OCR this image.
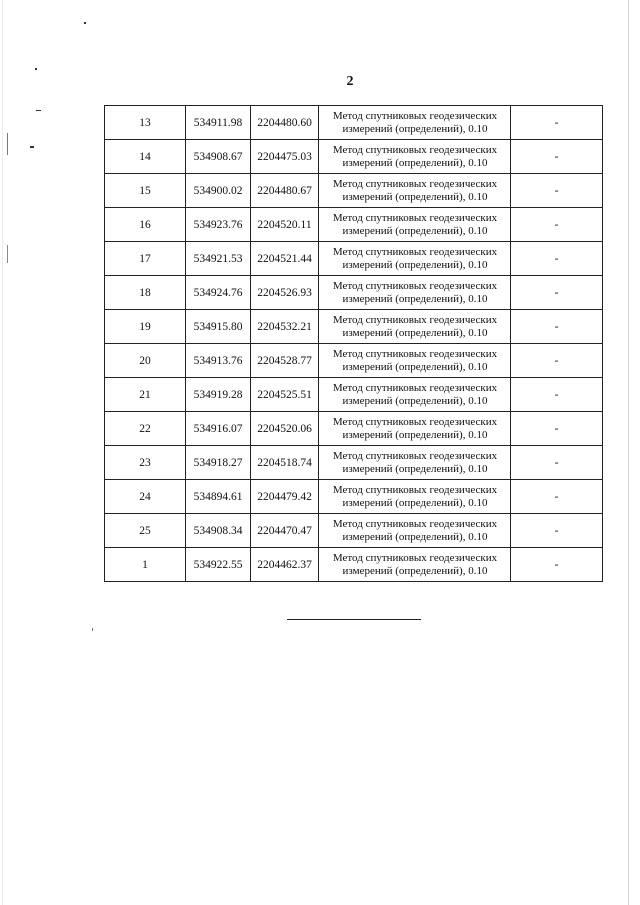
2
13	534911.98	2204480.60	Метод спутниковых геодезических
измерений (определений), 0.10	-
14	534908.67	2204475.03	Метод спутниковых геодезических
измерений (определений), 0.10	-
15	534900.02	2204480.67	Метод спутниковых геодезических
измерений (определений), 0.10	-
16	534923.76	2204520.11	Метод спутниковых геодезических
измерений (определений), 0.10	-
17	534921.53	2204521.44	Метод спутниковых геодезических
измерений (определений), 0.10	-
18	534924.76	2204526.93	Метод спутниковых геодезических
измерений (определений), 0.10	-
19	534915.80	2204532.21	Метод спутниковых геодезических
измерений (определений), 0.10	-
20	534913.76	2204528.77	Метод спутниковых геодезических
измерений (определений), 0.10	-
21	534919.28	2204525.51	Метод спутниковых геодезических
измерений (определений), 0.10	-
22	534916.07	2204520.06	Метод спутниковых геодезических
измерений (определений), 0.10	-
23	534918.27	2204518.74	Метод спутниковых геодезических
измерений (определений), 0.10	-
24	534894.61	2204479.42	Метод спутниковых геодезических
измерений (определений), 0.10	-
25	534908.34	2204470.47	Метод спутниковых геодезических
измерений (определений), 0.10	-
1	534922.55	2204462.37	Метод спутниковых геодезических
измерений (определений), 0.10	-
